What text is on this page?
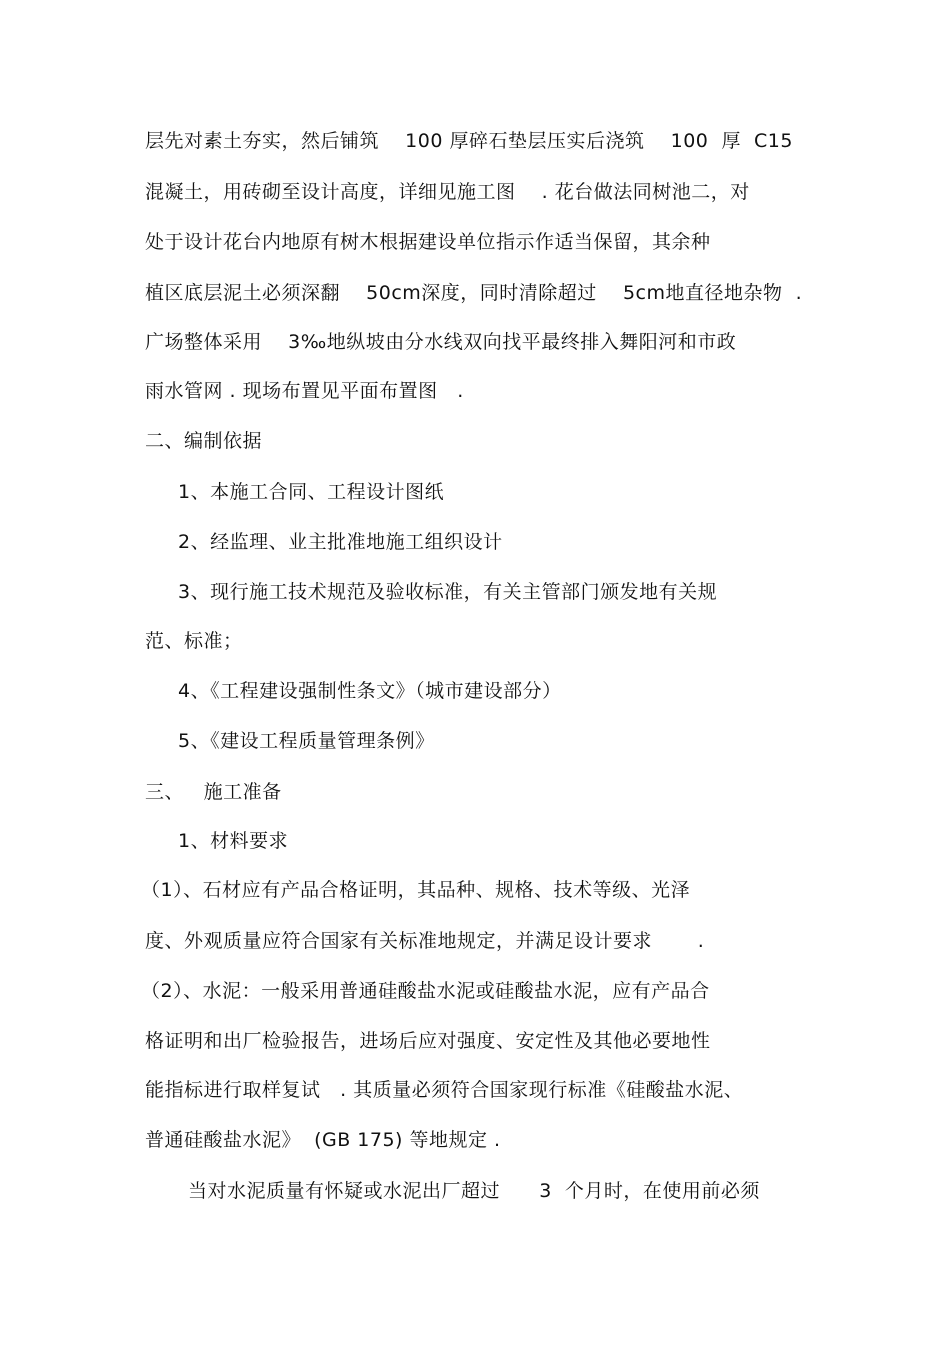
层先对素土夯实，然后铺筑    100 厚碎石垫层压实后浇筑    100  厚  C15
混凝土，用砖砌至设计高度，详细见施工图    . 花台做法同树池二，对
处于设计花台内地原有树木根据建设单位指示作适当保留，其余种
植区底层泥土必须深翻    50cm深度，同时清除超过    5cm地直径地杂物  .
广场整体采用    3‰地纵坡由分水线双向找平最终排入舞阳河和市政
雨水管网 . 现场布置见平面布置图   .
二、编制依据
1、本施工合同、工程设计图纸
2、经监理、业主批准地施工组织设计
3、现行施工技术规范及验收标准，有关主管部门颁发地有关规
范、标准；
4、《工程建设强制性条文》（城市建设部分）
5、《建设工程质量管理条例》
三、   施工准备
1、材料要求
（1）、石材应有产品合格证明，其品种、规格、技术等级、光泽
度、外观质量应符合国家有关标准地规定，并满足设计要求       .
（2）、水泥：一般采用普通硅酸盐水泥或硅酸盐水泥，应有产品合
格证明和出厂检验报告，进场后应对强度、安定性及其他必要地性
能指标进行取样复试   . 其质量必须符合国家现行标准《硅酸盐水泥、
普通硅酸盐水泥》  (GB 175) 等地规定 .
当对水泥质量有怀疑或水泥出厂超过      3  个月时，在使用前必须
